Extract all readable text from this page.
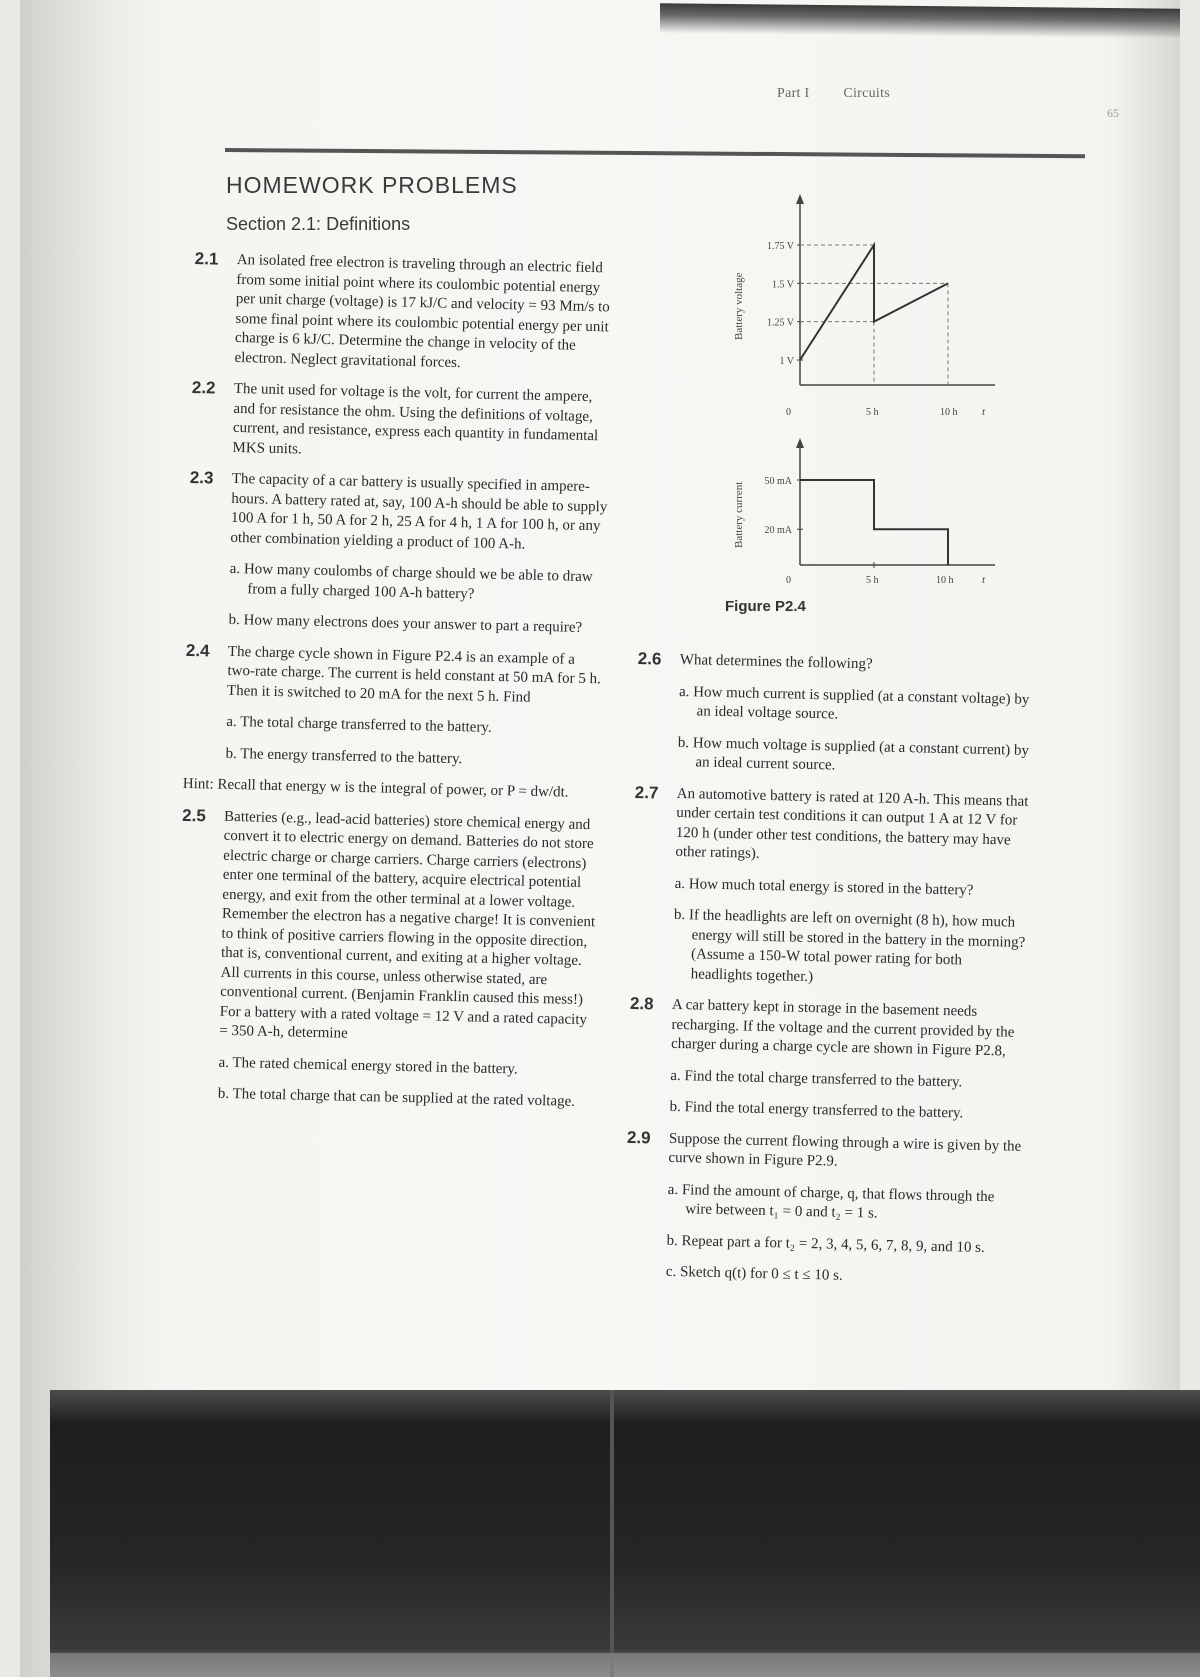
Part I Circuits
65
HOMEWORK PROBLEMS
Section 2.1: Definitions
2.1 An isolated free electron is traveling through an electric field from some initial point where its coulombic potential energy per unit charge (voltage) is 17 kJ/C and velocity = 93 Mm/s to some final point where its coulombic potential energy per unit charge is 6 kJ/C. Determine the change in velocity of the electron. Neglect gravitational forces.
2.2 The unit used for voltage is the volt, for current the ampere, and for resistance the ohm. Using the definitions of voltage, current, and resistance, express each quantity in fundamental MKS units.
2.3 The capacity of a car battery is usually specified in ampere-hours. A battery rated at, say, 100 A-h should be able to supply 100 A for 1 h, 50 A for 2 h, 25 A for 4 h, 1 A for 100 h, or any other combination yielding a product of 100 A-h.
a. How many coulombs of charge should we be able to draw from a fully charged 100 A-h battery?
b. How many electrons does your answer to part a require?
2.4 The charge cycle shown in Figure P2.4 is an example of a two-rate charge. The current is held constant at 50 mA for 5 h. Then it is switched to 20 mA for the next 5 h. Find
a. The total charge transferred to the battery.
b. The energy transferred to the battery.
Hint: Recall that energy w is the integral of power, or P = dw/dt.
2.5 Batteries (e.g., lead-acid batteries) store chemical energy and convert it to electric energy on demand. Batteries do not store electric charge or charge carriers. Charge carriers (electrons) enter one terminal of the battery, acquire electrical potential energy, and exit from the other terminal at a lower voltage. Remember the electron has a negative charge! It is convenient to think of positive carriers flowing in the opposite direction, that is, conventional current, and exiting at a higher voltage. All currents in this course, unless otherwise stated, are conventional current. (Benjamin Franklin caused this mess!) For a battery with a rated voltage = 12 V and a rated capacity = 350 A-h, determine
a. The rated chemical energy stored in the battery.
b. The total charge that can be supplied at the rated voltage.
1.75 V
1.5 V
1.25 V
1 V
0	5 h	10 h t
Battery voltage
50 mA
20 mA
0	5 h	10 h	t
Battery current
Figure P2.4
2.6 What determines the following?
a. How much current is supplied (at a constant voltage) by an ideal voltage source.
b. How much voltage is supplied (at a constant current) by an ideal current source.
2.7 An automotive battery is rated at 120 A-h. This means that under certain test conditions it can output 1 A at 12 V for 120 h (under other test conditions, the battery may have other ratings).
a. How much total energy is stored in the battery?
b. If the headlights are left on overnight (8 h), how much energy will still be stored in the battery in the morning? (Assume a 150-W total power rating for both headlights together.)
2.8 A car battery kept in storage in the basement needs recharging. If the voltage and the current provided by the charger during a charge cycle are shown in Figure P2.8,
a. Find the total charge transferred to the battery.
b. Find the total energy transferred to the battery.
2.9 Suppose the current flowing through a wire is given by the curve shown in Figure P2.9.
a. Find the amount of charge, q, that flows through the wire between t₁ = 0 and t₂ = 1 s.
b. Repeat part a for t₂ = 2, 3, 4, 5, 6, 7, 8, 9, and 10 s.
c. Sketch q(t) for 0 ≤ t ≤ 10 s.
